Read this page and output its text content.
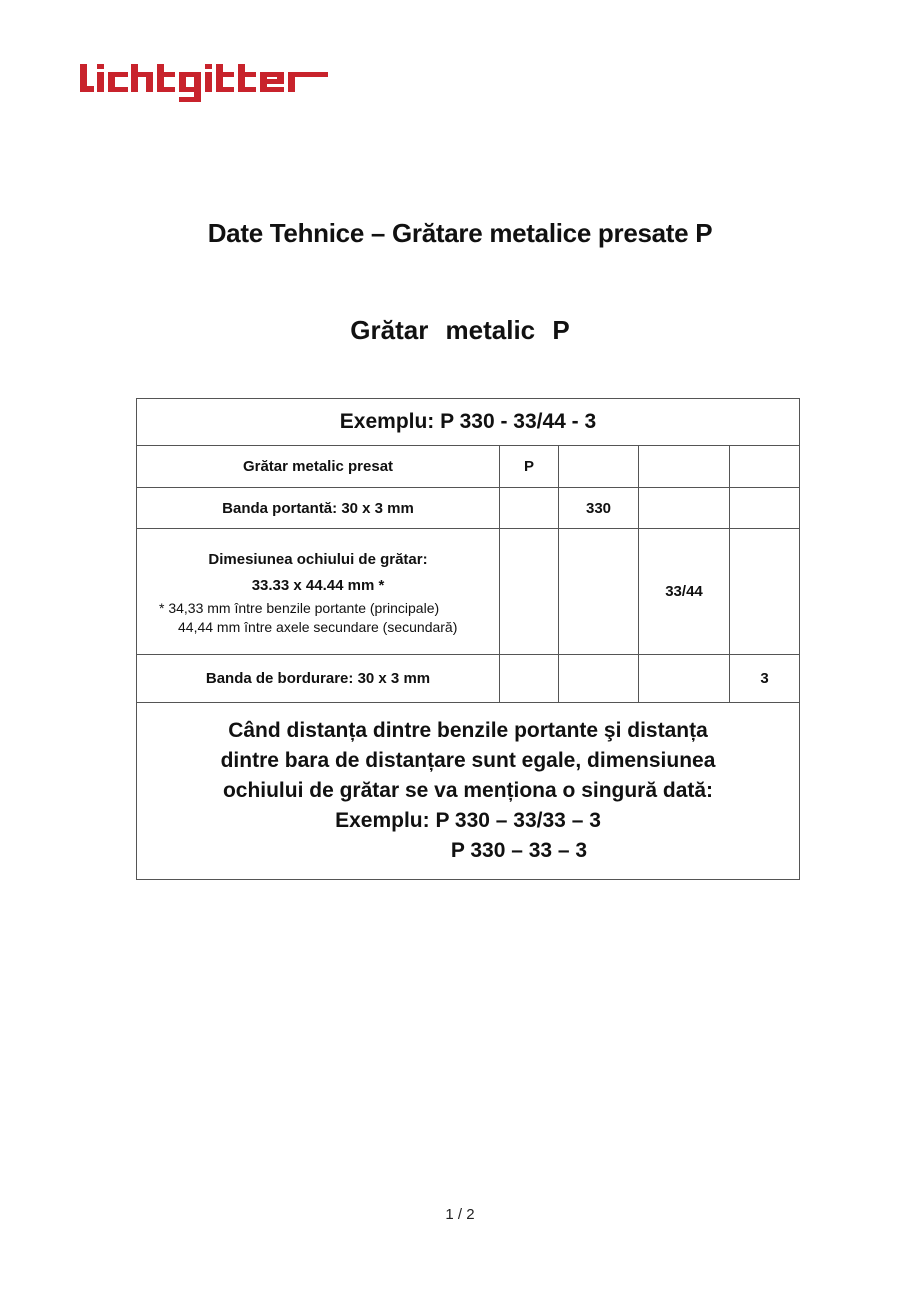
Date Tehnice – Grătare metalice presate P
Grătar metalic P
Exemplu: P 330 - 33/44 - 3				
Grătar metalic presat	P			
Banda portantă: 30 x 3 mm		330		

Dimesiunea ochiului de grătar:
33.33 x 44.44 mm *
* 34,33 mm între benzile portante (principale)
44,44 mm între axele secundare (secundară)			33/44	
Banda de bordurare: 30 x 3 mm				3

Când distanța dintre benzile portante şi distanța
dintre bara de distanțare sunt egale, dimensiunea
ochiului de grătar se va menționa o singură dată:
Exemplu: P 330 – 33/33 – 3
P 330 – 33 – 3				
1 / 2
